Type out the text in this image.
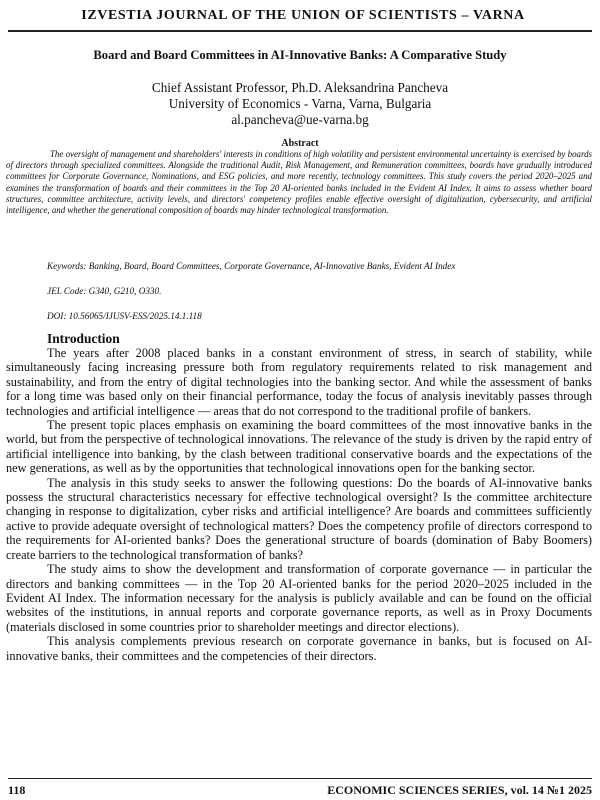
IZVESTIA JOURNAL OF THE UNION OF SCIENTISTS – VARNA
Board and Board Committees in AI-Innovative Banks: A Comparative Study
Chief Assistant Professor, Ph.D. Aleksandrina Pancheva
University of Economics - Varna, Varna, Bulgaria
al.pancheva@ue-varna.bg
Abstract
The oversight of management and shareholders' interests in conditions of high volatility and persistent environmental uncertainty is exercised by boards of directors through specialized committees. Alongside the traditional Audit, Risk Management, and Remuneration committees, boards have gradually introduced committees for Corporate Governance, Nominations, and ESG policies, and more recently, technology committees. This study covers the period 2020–2025 and examines the transformation of boards and their committees in the Top 20 AI-oriented banks included in the Evident AI Index. It aims to assess whether board structures, committee architecture, activity levels, and directors' competency profiles enable effective oversight of digitalization, cybersecurity, and artificial intelligence, and whether the generational composition of boards may hinder technological transformation.
Keywords: Banking, Board, Board Committees, Corporate Governance, AI-Innovative Banks, Evident AI Index
JEL Code: G340, G210, O330.
DOI: 10.56065/IJUSV-ESS/2025.14.1.118
Introduction

The years after 2008 placed banks in a constant environment of stress, in search of stability, while simultaneously facing increasing pressure both from regulatory requirements related to risk management and sustainability, and from the entry of digital technologies into the banking sector. And while the assessment of banks for a long time was based only on their financial performance, today the focus of analysis inevitably passes through technologies and artificial intelligence — areas that do not correspond to the traditional profile of bankers.

The present topic places emphasis on examining the board committees of the most innovative banks in the world, but from the perspective of technological innovations. The relevance of the study is driven by the rapid entry of artificial intelligence into banking, by the clash between traditional conservative boards and the expectations of the new generations, as well as by the opportunities that technological innovations open for the banking sector.

The analysis in this study seeks to answer the following questions: Do the boards of AI-innovative banks possess the structural characteristics necessary for effective technological oversight? Is the committee architecture changing in response to digitalization, cyber risks and artificial intelligence? Are boards and committees sufficiently active to provide adequate oversight of technological matters? Does the competency profile of directors correspond to the requirements for AI-oriented banks? Does the generational structure of boards (domination of Baby Boomers) create barriers to the technological transformation of banks?

The study aims to show the development and transformation of corporate governance — in particular the directors and banking committees — in the Top 20 AI-oriented banks for the period 2020–2025 included in the Evident AI Index. The information necessary for the analysis is publicly available and can be found on the official websites of the institutions, in annual reports and corporate governance reports, as well as in Proxy Documents (materials disclosed in some countries prior to shareholder meetings and director elections).

This analysis complements previous research on corporate governance in banks, but is focused on AI-innovative banks, their committees and the competencies of their directors.

118	ECONOMIC SCIENCES SERIES, vol. 14 №1 2025
